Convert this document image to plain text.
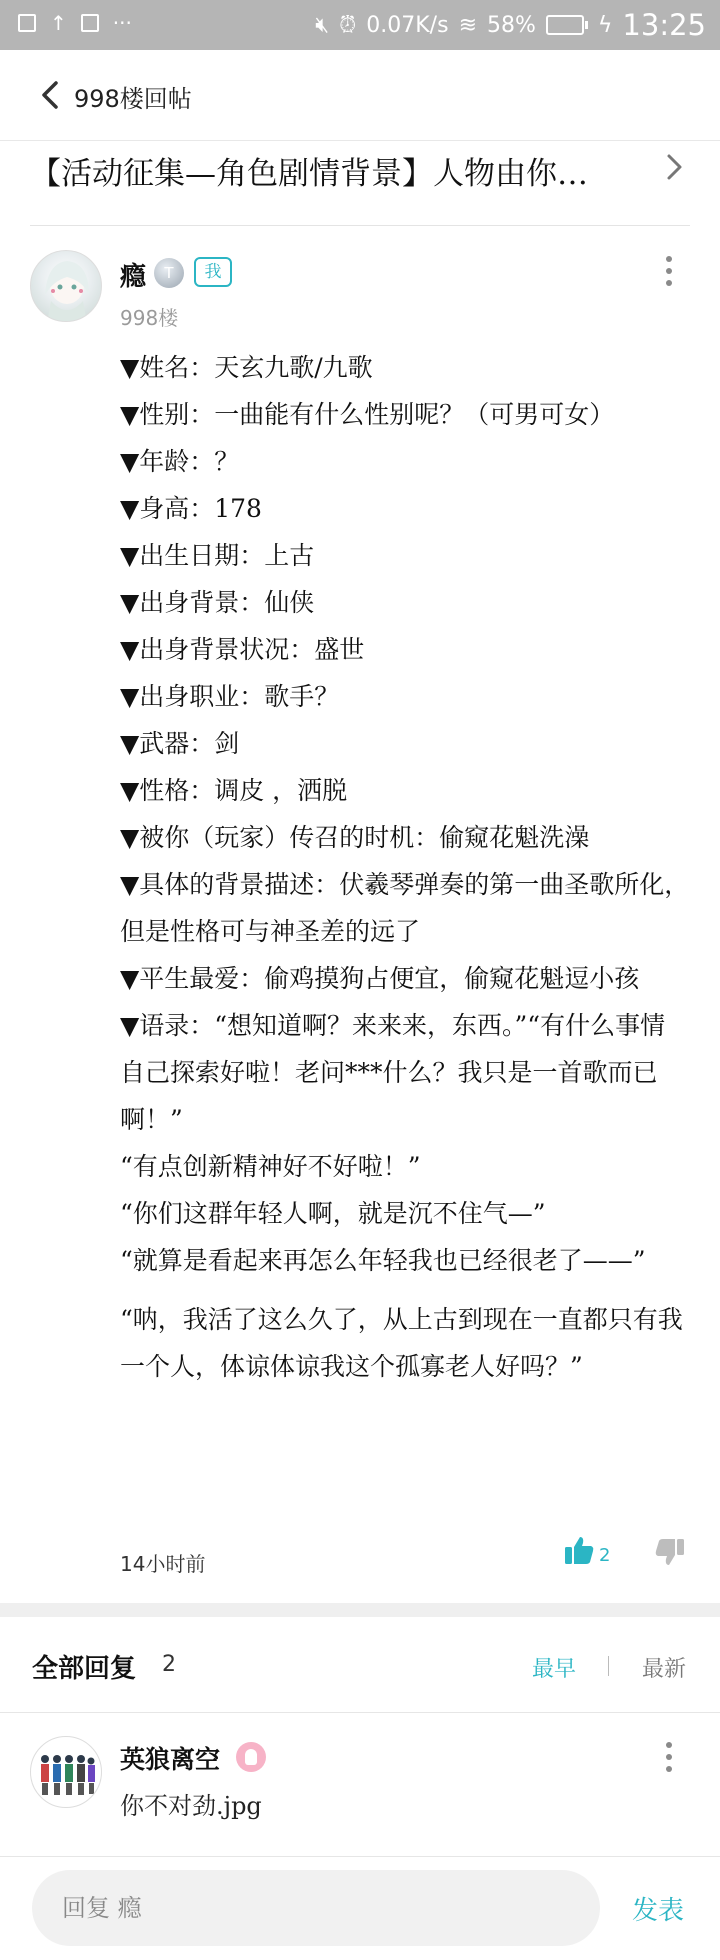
↑ ···	🔇︎ ⏰︎ 0.07K/s ≋ 58%	ϟ 13:25
998楼回帖
【活动征集—角色剧情背景】人物由你…
瘾	T	我
998楼

▼姓名：天玄九歌/九歌

▼性别：一曲能有什么性别呢？（可男可女）

▼年龄：？

▼身高：178

▼出生日期：上古

▼出身背景：仙侠

▼出身背景状况：盛世

▼出身职业：歌手？

▼武器：剑

▼性格：调皮 ，洒脱

▼被你（玩家）传召的时机：偷窥花魁洗澡

▼具体的背景描述：伏羲琴弹奏的第一曲圣歌所化，但是性格可与神圣差的远了

▼平生最爱：偷鸡摸狗占便宜，偷窥花魁逗小孩

▼语录：“想知道啊？来来来，东西。”“有什么事情自己探索好啦！老问***什么？我只是一首歌而已啊！”

“有点创新精神好不好啦！”

“你们这群年轻人啊，就是沉不住气—”

“就算是看起来再怎么年轻我也已经很老了——”

“呐，我活了这么久了，从上古到现在一直都只有我一个人，体谅体谅我这个孤寡老人好吗？”

14小时前	2
全部回复 2	最早	最新
英狼离空
你不对劲.jpg
回复 瘾	发表
